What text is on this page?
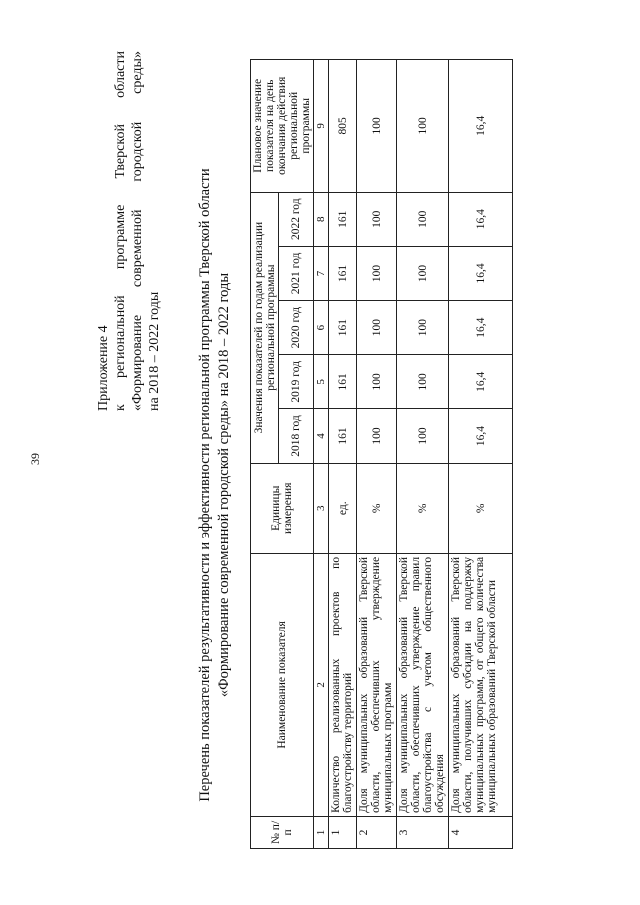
39
Приложение 4 к
региональной
программе
Тверской
области
«Формирование
современной
городской
среды»
на 2018 – 2022 годы Перечень показателей результативности и эффективности региональной программы Тверской области «Формирование современной городской среды» на 2018 – 2022 годы
№ п/п	Наименование показателя	Единицы измерения	Значения показателей по годам реализации региональной программы					Плановое значение показателя на день окончания действия региональной программы
			2018 год	2019 год	2020 год	2021 год	2022 год	
1	2	3	4	5	6	7	8	9
1	Количество реализованных проектов по благоустройству территорий	ед.	161	161	161	161	161	805
2	Доля муниципальных образований Тверской области, обеспечивших утверждение муниципальных программ	%	100	100	100	100	100	100
3	Доля муниципальных образований Тверской области, обеспечивших утверждение правил благоустройства с учетом общественного обсуждения	%	100	100	100	100	100	100
4	Доля муниципальных образований Тверской области, получивших субсидии на поддержку муниципальных программ, от общего количества муниципальных образований Тверской области	%	16,4	16,4	16,4	16,4	16,4	16,4
